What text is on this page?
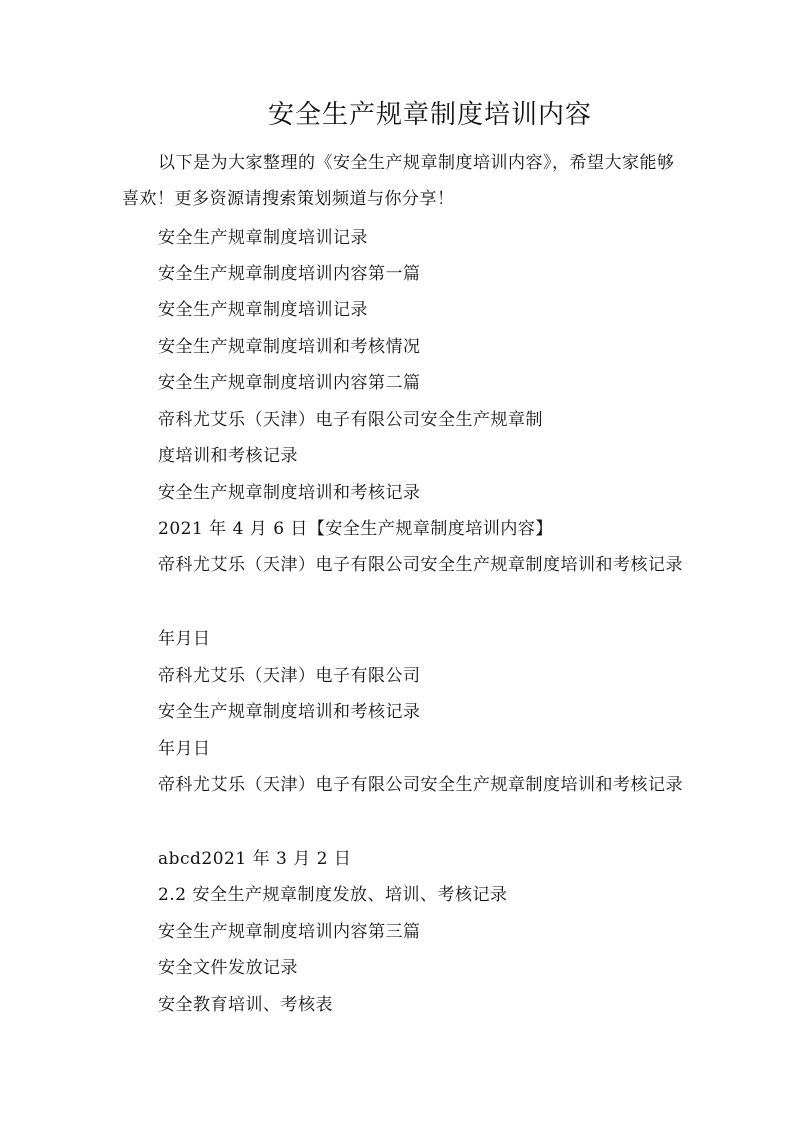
安全生产规章制度培训内容
以下是为大家整理的《安全生产规章制度培训内容》，希望大家能够喜欢！更多资源请搜索策划频道与你分享！
安全生产规章制度培训记录
安全生产规章制度培训内容第一篇
安全生产规章制度培训记录
安全生产规章制度培训和考核情况
安全生产规章制度培训内容第二篇
帝科尤艾乐（天津）电子有限公司安全生产规章制
度培训和考核记录
安全生产规章制度培训和考核记录
2021 年 4 月 6 日【安全生产规章制度培训内容】
帝科尤艾乐（天津）电子有限公司安全生产规章制度培训和考核记录
年月日
帝科尤艾乐（天津）电子有限公司
安全生产规章制度培训和考核记录
年月日
帝科尤艾乐（天津）电子有限公司安全生产规章制度培训和考核记录
abcd2021 年 3 月 2 日
2.2 安全生产规章制度发放、培训、考核记录
安全生产规章制度培训内容第三篇
安全文件发放记录
安全教育培训、考核表
